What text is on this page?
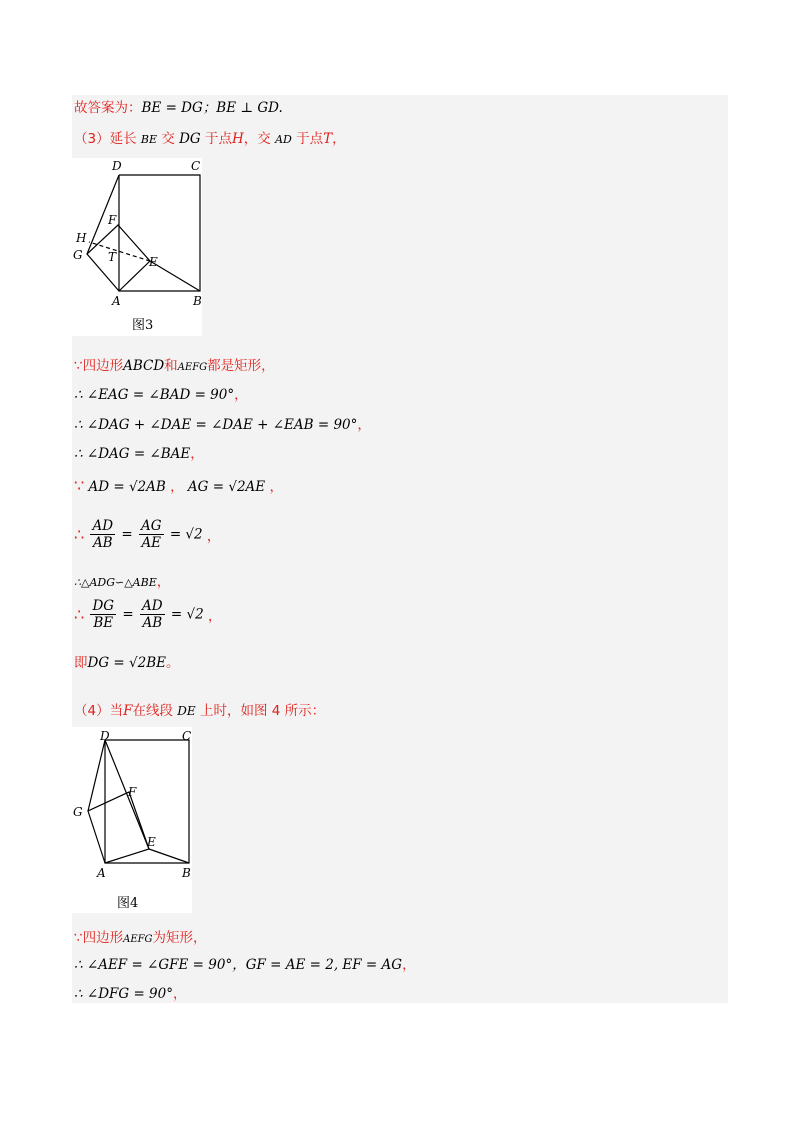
故答案为：BE = DG；BE ⊥ GD.
（3）延长 BE 交 DG 于点H，交 AD 于点T，
D	C
F
H
G T	E
A	B
图3
∵四边形ABCD和AEFG都是矩形，
∴ ∠EAG = ∠BAD = 90°，
∴ ∠DAG + ∠DAE = ∠DAE + ∠EAB = 90°，
∴ ∠DAG = ∠BAE，
∵ AD = √2AB ， AG = √2AE ，
∴ $\frac{AD}{AB} = \frac{AG}{AE} = √2$ ，
∴△ADG∽△ABE，
∴ $\frac{DG}{BE} = \frac{AD}{AB} = √2$ ，
即DG = √2BE。
（4）当F在线段 DE 上时，如图 4 所示：
D	C
F
G
E
A	B
图4
∵四边形AEFG为矩形，
∴ ∠AEF = ∠GFE = 90°，GF = AE = 2, EF = AG，
∴ ∠DFG = 90°，
